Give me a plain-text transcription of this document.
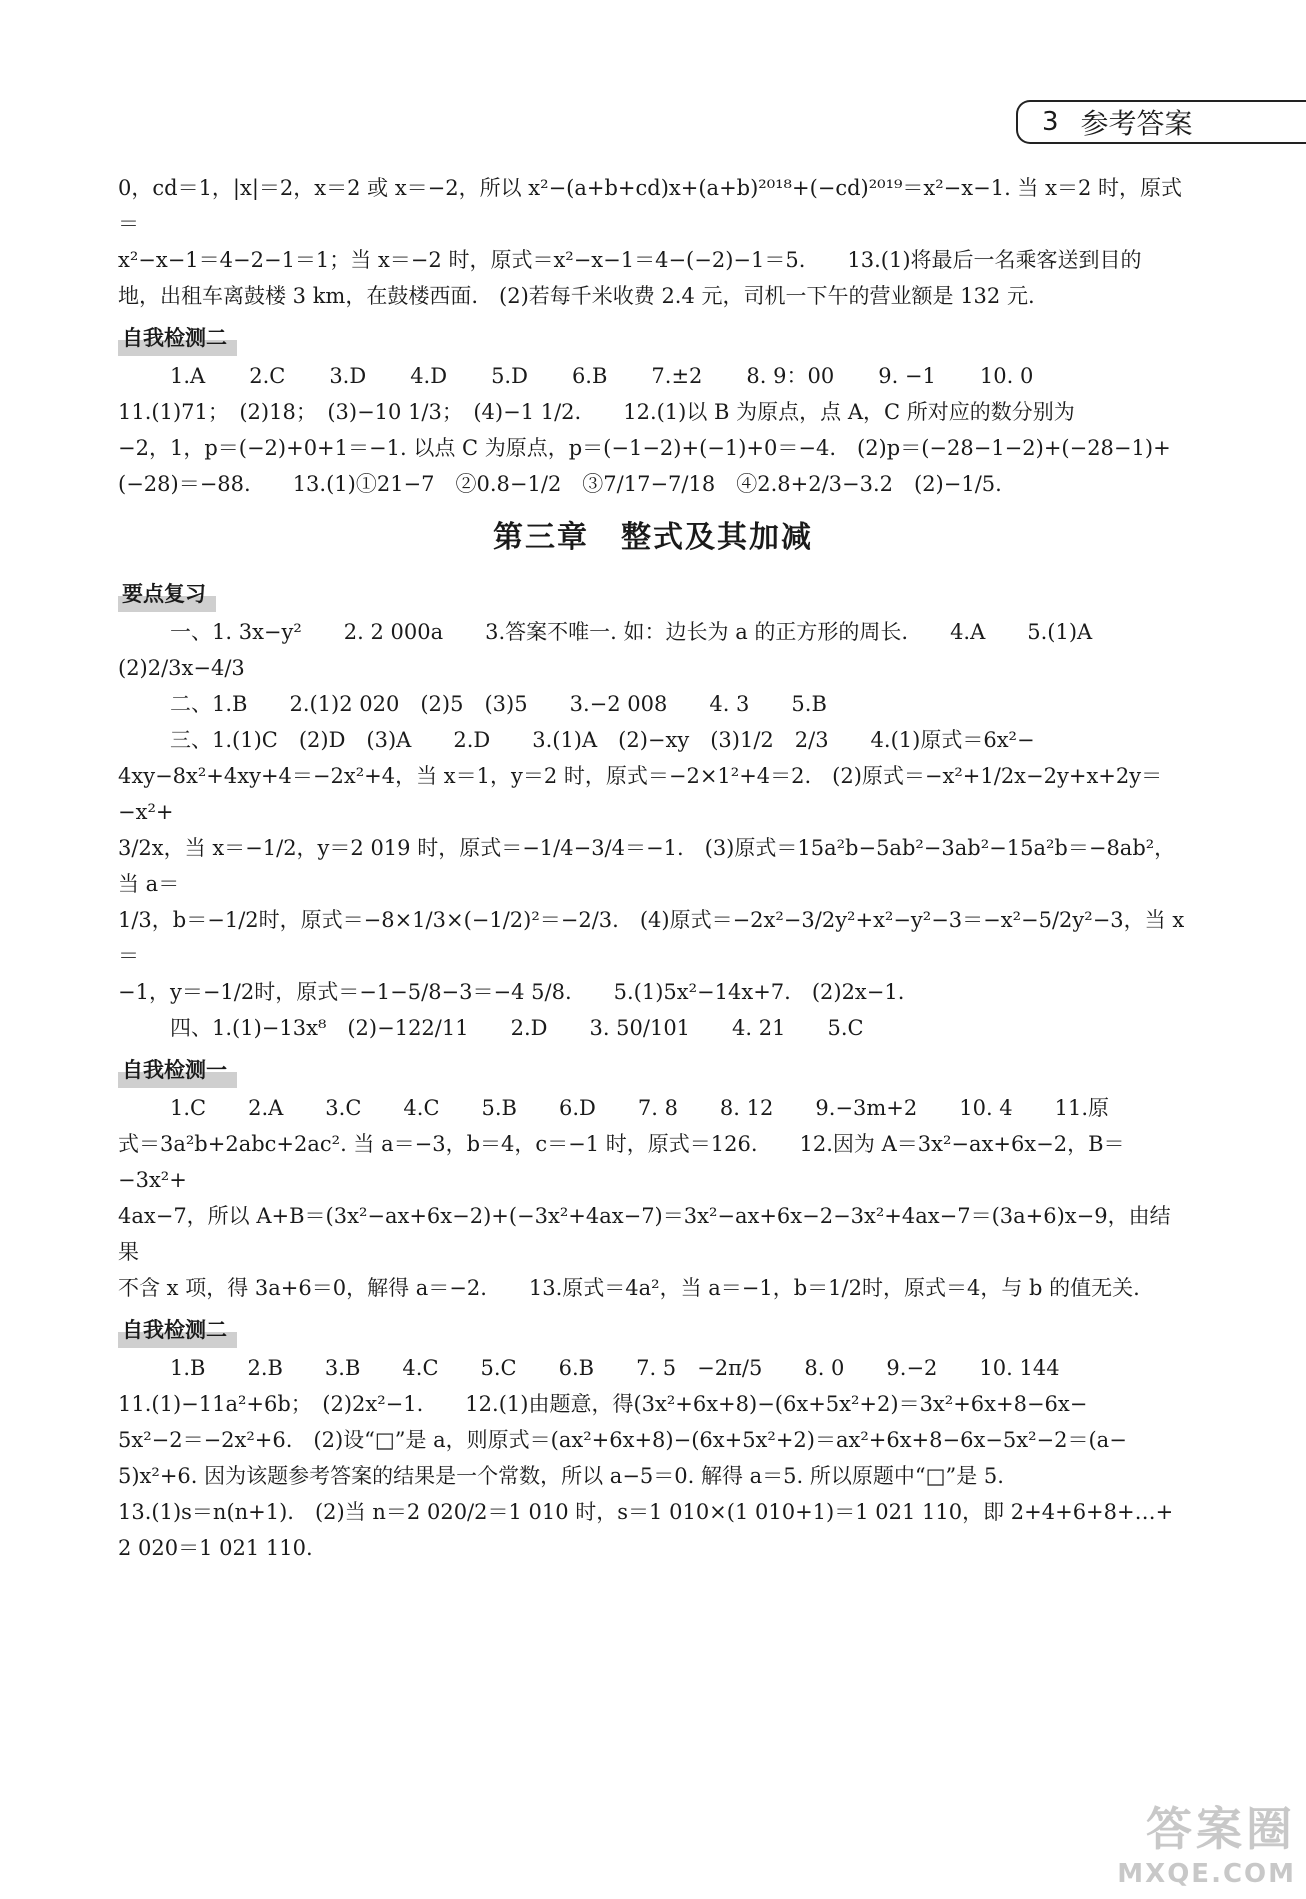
3 参考答案

0，cd＝1，|x|＝2，x＝2 或 x＝−2，所以 x²−(a+b+cd)x+(a+b)²⁰¹⁸+(−cd)²⁰¹⁹＝x²−x−1. 当 x＝2 时，原式＝

x²−x−1＝4−2−1＝1；当 x＝−2 时，原式＝x²−x−1＝4−(−2)−1＝5.　　13.(1)将最后一名乘客送到目的

地，出租车离鼓楼 3 km，在鼓楼西面.　(2)若每千米收费 2.4 元，司机一下午的营业额是 132 元.

自我检测二
1.A 2.C 3.D 4.D 5.D 6.B 7.±2 8. 9：00 9. −1 10. 0

11.(1)71；　(2)18；　(3)−10 1/3；　(4)−1 1/2.　　12.(1)以 B 为原点，点 A，C 所对应的数分别为

−2，1，p＝(−2)+0+1＝−1. 以点 C 为原点，p＝(−1−2)+(−1)+0＝−4.　(2)p＝(−28−1−2)+(−28−1)+

(−28)＝−88.　　13.(1)①21−7　②0.8−1/2　③7/17−7/18　④2.8+2/3−3.2　(2)−1/5.

第三章　整式及其加减
要点复习

一、1. 3x−y²　　2. 2 000a　　3.答案不唯一. 如：边长为 a 的正方形的周长.　　4.A　　5.(1)A

(2)2/3x−4/3

二、1.B　　2.(1)2 020　(2)5　(3)5　　3.−2 008　　4. 3　　5.B

三、1.(1)C　(2)D　(3)A　　2.D　　3.(1)A　(2)−xy　(3)1/2　2/3　　4.(1)原式＝6x²−

4xy−8x²+4xy+4＝−2x²+4，当 x＝1，y＝2 时，原式＝−2×1²+4＝2.　(2)原式＝−x²+1/2x−2y+x+2y＝−x²+

3/2x，当 x＝−1/2，y＝2 019 时，原式＝−1/4−3/4＝−1.　(3)原式＝15a²b−5ab²−3ab²−15a²b＝−8ab²，当 a＝

1/3，b＝−1/2时，原式＝−8×1/3×(−1/2)²＝−2/3.　(4)原式＝−2x²−3/2y²+x²−y²−3＝−x²−5/2y²−3，当 x＝

−1，y＝−1/2时，原式＝−1−5/8−3＝−4 5/8.　　5.(1)5x²−14x+7.　(2)2x−1.

四、1.(1)−13x⁸　(2)−122/11　　2.D　　3. 50/101　　4. 21　　5.C

自我检测一

1.C　　2.A　　3.C　　4.C　　5.B　　6.D　　7. 8　　8. 12　　9.−3m+2　　10. 4　　11.原

式＝3a²b+2abc+2ac². 当 a＝−3，b＝4，c＝−1 时，原式＝126.　　12.因为 A＝3x²−ax+6x−2，B＝−3x²+

4ax−7，所以 A+B＝(3x²−ax+6x−2)+(−3x²+4ax−7)＝3x²−ax+6x−2−3x²+4ax−7＝(3a+6)x−9，由结果

不含 x 项，得 3a+6＝0，解得 a＝−2.　　13.原式＝4a²，当 a＝−1，b＝1/2时，原式＝4，与 b 的值无关.

自我检测二

1.B　　2.B　　3.B　　4.C　　5.C　　6.B　　7. 5　−2π/5　　8. 0　　9.−2　　10. 144

11.(1)−11a²+6b；　(2)2x²−1.　　12.(1)由题意，得(3x²+6x+8)−(6x+5x²+2)＝3x²+6x+8−6x−

5x²−2＝−2x²+6.　(2)设“□”是 a，则原式＝(ax²+6x+8)−(6x+5x²+2)＝ax²+6x+8−6x−5x²−2＝(a−

5)x²+6. 因为该题参考答案的结果是一个常数，所以 a−5＝0. 解得 a＝5. 所以原题中“□”是 5.

13.(1)s＝n(n+1).　(2)当 n＝2 020/2＝1 010 时，s＝1 010×(1 010+1)＝1 021 110，即 2+4+6+8+…+

2 020＝1 021 110.

答案圈
MXQE.COM
